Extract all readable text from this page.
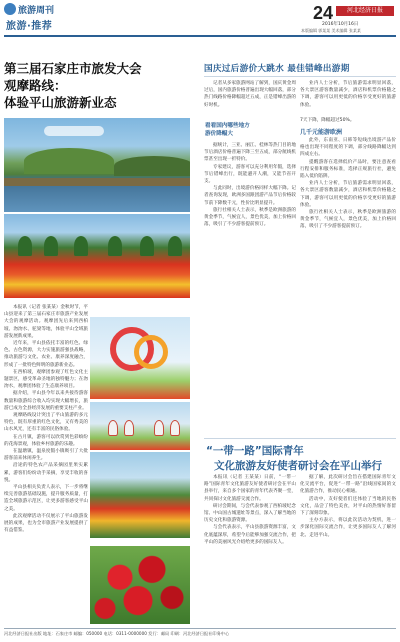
旅游周刊
旅游·推荐
24	河北经济日报
2016年10月16日
本版编辑 郭某某 美术编辑 张某某
第三届石家庄市旅发大会
观摩路线：
体验平山旅游新业态

本报讯（记者 张某某）金秋时节，平山县迎来了第三届石家庄市旅游产业发展大会的观摩活动。观摩团先后来到西柏坡、沕沕水、驼梁等地，体验平山全域旅游发展新成果。

近年来，平山县依托丰富的红色、绿色、古色资源，大力实施旅游强县战略，推动旅游与文化、农业、康养深度融合，形成了一批特色鲜明的旅游新业态。

在西柏坡，观摩团参观了红色文化主题景区，感受革命圣地的独特魅力；在沕沕水，观摩团体验了生态康养项目。

据介绍，平山县今年以来共接待游客数量和旅游综合收入均实现大幅增长，旅游已成为全县经济发展的重要支柱产业。

观摩路线设计突出了平山旅游的多元特色，既有厚重的红色文化，又有秀美的山水风光，还有丰富的民俗体验。

在古月镇，游客可以欣赏到色彩缤纷的花海景观，体验乡村旅游的乐趣。

在温塘镇，温泉度假小镇吸引了大批游客前来休闲养生。

沿途的特色农产品采摘园里果实累累，游客们纷纷动手采摘，享受丰收的喜悦。

平山县相关负责人表示，下一步将继续完善旅游基础设施，提升服务质量，打造全域旅游示范区，让更多游客感受平山之美。

此次观摩活动不仅展示了平山旅游发展的成果，也为全市旅游产业发展提供了有益借鉴。

国庆过后游价大跳水 最佳错峰出游期

记者从多家旅游网站了解到，国庆黄金周过后，国内旅游价格普遍出现大幅回落，部分热门线路价格降幅超过五成，正是错峰出游的好时机。

业内人士分析，节后旅游需求明显回落，各大景区游客数量减少，酒店和机票价格随之下调，游客可以用更低的价格享受更好的旅游体验。

看看国内哪些地方
游价降幅大
7天下降，降幅超过50%。
几千元能游欧洲

据统计，三亚、丽江、桂林等热门目的地节后酒店价格普遍下降三至五成，部分航线机票甚至出现一折特价。

专家建议，游客可以充分利用年假，选择节后错峰出行，既能避开人潮，又能节省开支。

与此同时，出境游价格同样大幅下降。记者查询发现，欧洲多国跟团游产品节后价格较节前下降数千元，性价比明显提升。

旅行社相关人士表示，秋季是欧洲旅游的黄金季节，气候宜人，景色优美，加上价格回落，吸引了不少游客提前预订。

此外，东南亚、日韩等短线出境游产品价格也出现不同程度的下调，部分线路降幅达到四成左右。

提醒游客在选择低价产品时，要注意查看行程安排和服务标准，选择正规旅行社，避免陷入低价陷阱。

业内人士分析，节后旅游需求明显回落，各大景区游客数量减少，酒店和机票价格随之下调，游客可以用更低的价格享受更好的旅游体验。

旅行社相关人士表示，秋季是欧洲旅游的黄金季节，气候宜人，景色优美，加上价格回落，吸引了不少游客提前预订。

“一带一路”国际青年
文化旅游友好使者研讨会在平山举行

本报讯（记者 王某某）日前，“一带一路”国际青年文化旅游友好使者研讨会在平山县举行，来自多个国家的青年代表齐聚一堂，共同探讨文化旅游交流合作。

研讨会期间，与会代表参观了西柏坡纪念馆、中山国古城遗址等景点，深入了解当地的历史文化和旅游资源。

与会代表表示，平山县旅游资源丰富，文化底蕴深厚，希望今后能够加强交流合作，把平山的美丽风光介绍给更多的国际友人。

据了解，此次研讨会旨在搭建国际青年文化交流平台，促进“一带一路”沿线国家间的文化旅游合作，推动民心相通。

活动中，友好使者们还体验了当地的民俗文化，品尝了特色美食，对平山的热情好客留下了深刻印象。

主办方表示，将以此次活动为契机，进一步深化国际交流合作，让更多国际友人了解河北、走进平山。

河北经济日报社出版 地址：石家庄市 邮编：050000 电话：0311-0000000 发行：邮局 印刷：河北经济日报社印务中心
